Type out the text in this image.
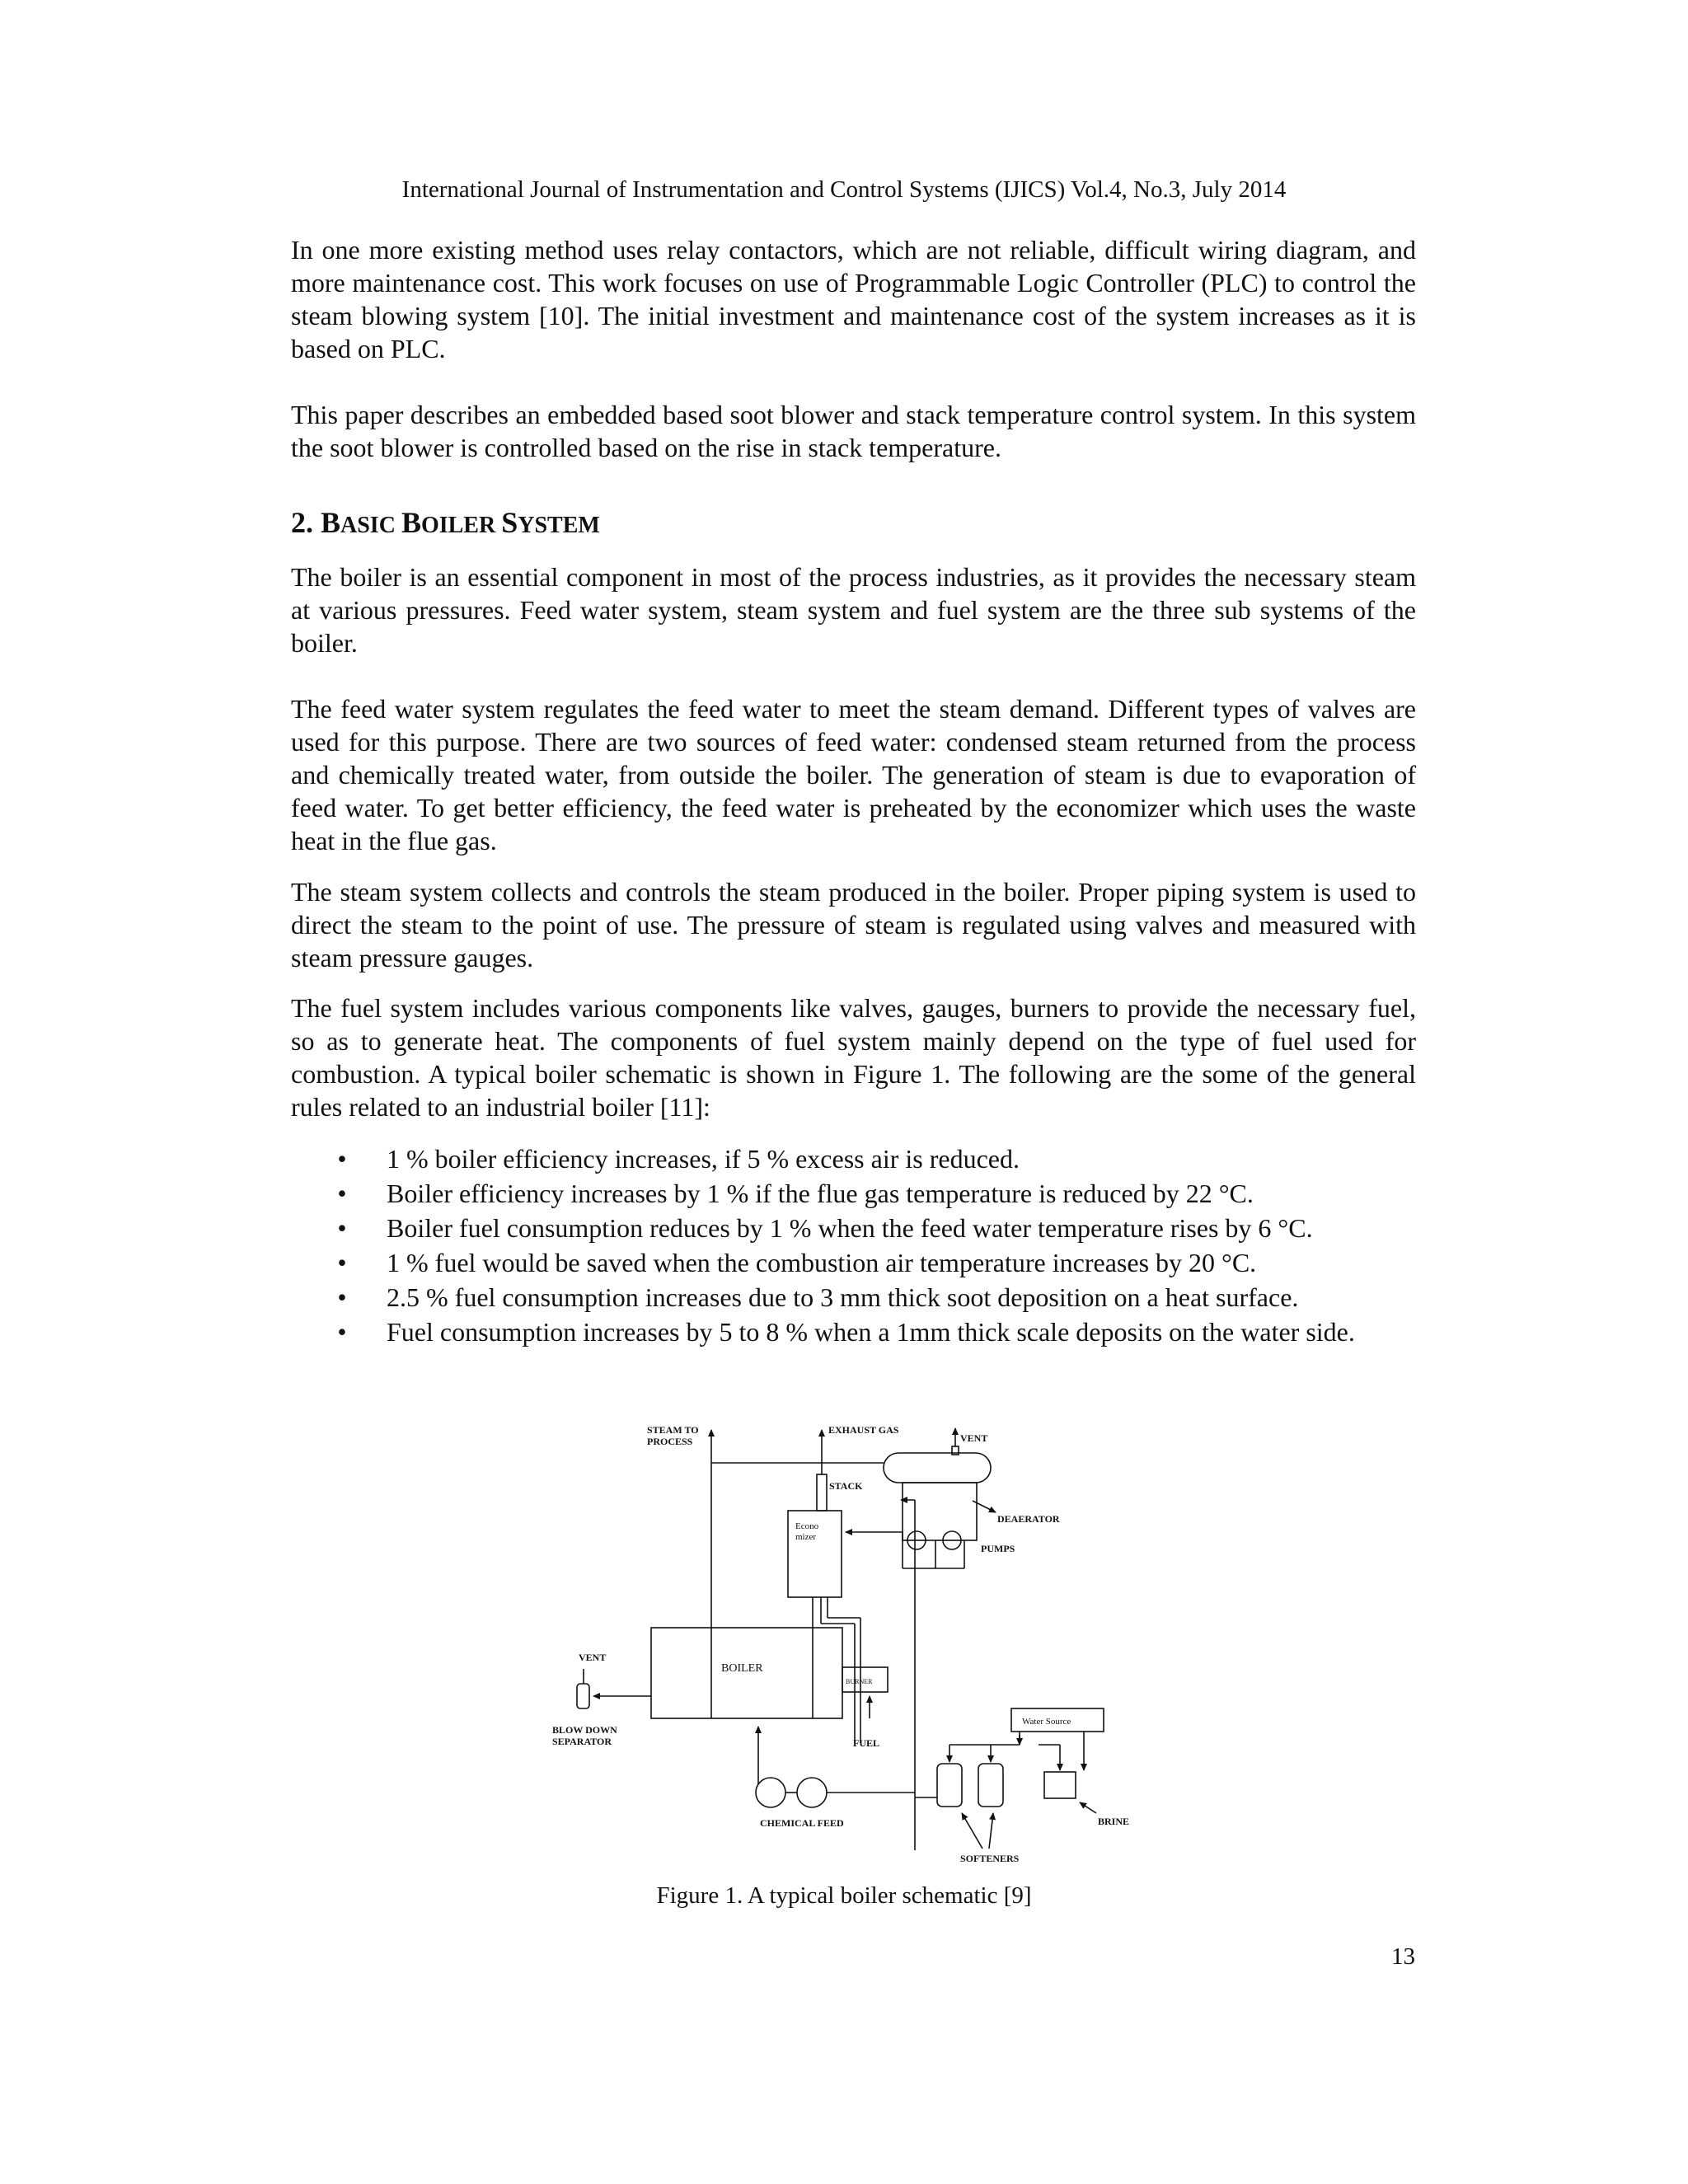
International Journal of Instrumentation and Control Systems (IJICS) Vol.4, No.3, July 2014

In one more existing method uses relay contactors, which are not reliable, difficult wiring diagram, and more maintenance cost. This work focuses on use of Programmable Logic Controller (PLC) to control the steam blowing system [10]. The initial investment and maintenance cost of the system increases as it is based on PLC.

This paper describes an embedded based soot blower and stack temperature control system. In this system the soot blower is controlled based on the rise in stack temperature.

2. BASIC BOILER SYSTEM

The boiler is an essential component in most of the process industries, as it provides the necessary steam at various pressures. Feed water system, steam system and fuel system are the three sub systems of the boiler.

The feed water system regulates the feed water to meet the steam demand. Different types of valves are used for this purpose. There are two sources of feed water: condensed steam returned from the process and chemically treated water, from outside the boiler. The generation of steam is due to evaporation of feed water. To get better efficiency, the feed water is preheated by the economizer which uses the waste heat in the flue gas.

The steam system collects and controls the steam produced in the boiler. Proper piping system is used to direct the steam to the point of use. The pressure of steam is regulated using valves and measured with steam pressure gauges.

The fuel system includes various components like valves, gauges, burners to provide the necessary fuel, so as to generate heat. The components of fuel system mainly depend on the type of fuel used for combustion. A typical boiler schematic is shown in Figure 1. The following are the some of the general rules related to an industrial boiler [11]:

• 1 % boiler efficiency increases, if 5 % excess air is reduced.
• Boiler efficiency increases by 1 % if the flue gas temperature is reduced by 22 °C.
• Boiler fuel consumption reduces by 1 % when the feed water temperature rises by 6 °C.
• 1 % fuel would be saved when the combustion air temperature increases by 20 °C.
• 2.5 % fuel consumption increases due to 3 mm thick soot deposition on a heat surface.
• Fuel consumption increases by 5 to 8 % when a 1mm thick scale deposits on the water side.
STEAM TO
PROCESS
EXHAUST GAS
VENT
STACK
Econo
mizer
DEAERATOR
PUMPS
VENT
BOILER
BURNER
Water Source
BLOW DOWN
SEPARATOR	FUEL
CHEMICAL FEED	BRINE
SOFTENERS
Figure 1. A typical boiler schematic [9]
13
